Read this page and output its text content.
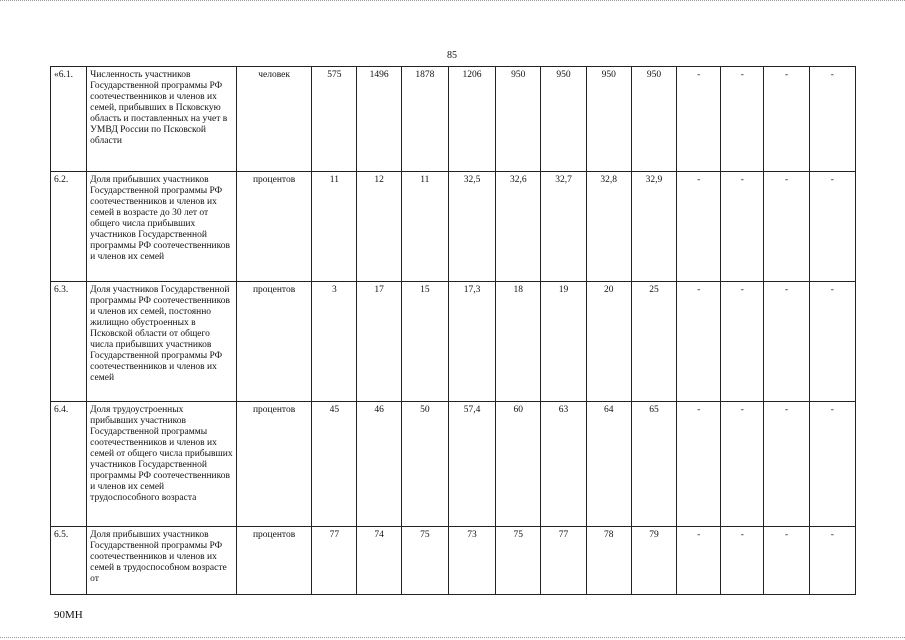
85
«6.1.	Численность участников Государственной программы РФ соотечественников и членов их семей, прибывших в Псковскую область и поставленных на учет в УМВД России по Псковской области	человек	575	1496	1878	1206	950	950	950	950	-	-	-	-
6.2.	Доля прибывших участников Государственной программы РФ соотечественников и членов их семей в возрасте до 30 лет от общего числа прибывших участников Государственной программы РФ соотечественников и членов их семей	процентов	11	12	11	32,5	32,6	32,7	32,8	32,9	-	-	-	-
6.3.	Доля участников Государственной программы РФ соотечественников и членов их семей, постоянно жилищно обустроенных в Псковской области от общего числа прибывших участников Государственной программы РФ соотечественников и членов их семей	процентов	3	17	15	17,3	18	19	20	25	-	-	-	-
6.4.	Доля трудоустроенных прибывших участников Государственной программы соотечественников и членов их семей от общего числа прибывших участников Государственной программы РФ соотечественников и членов их семей трудоспособного возраста	процентов	45	46	50	57,4	60	63	64	65	-	-	-	-
6.5.	Доля прибывших участников Государственной программы РФ соотечественников и членов их семей в трудоспособном возрасте от	процентов	77	74	75	73	75	77	78	79	-	-	-	-
90МН
